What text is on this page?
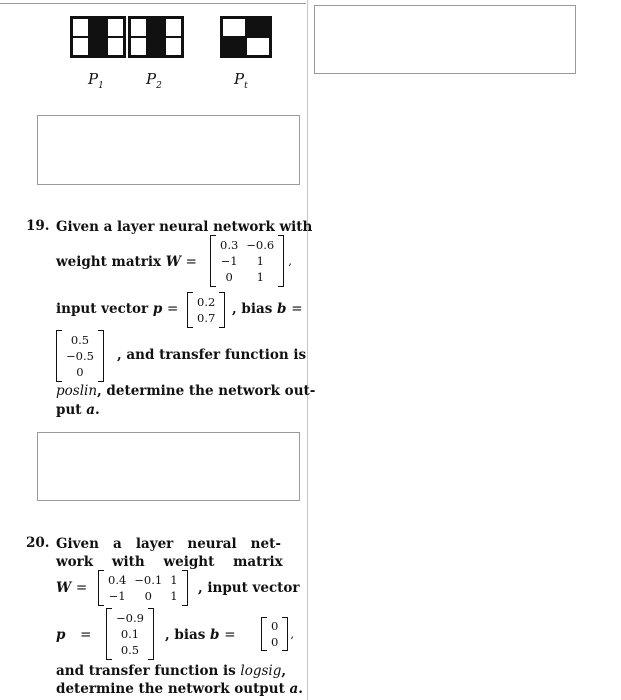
$P_1$	$P_2$	$P_t$
19. Given a layer neural network with
weight matrix W =
0.3	−0.6
−1	1
0	1
,
input vector p = 0.2
0.7
, bias b =
0.5
−0.5
0
, and transfer function is
poslin, determine the network out-
put a.
20. Given   a   layer   neural   net-
work    with    weight    matrix
W = 0.4	−0.1	1
−1	0	1 , input vector
p =
−0.9
0.1
0.5
, bias b =
0
0
,
and transfer function is logsig,
determine the network output a.
